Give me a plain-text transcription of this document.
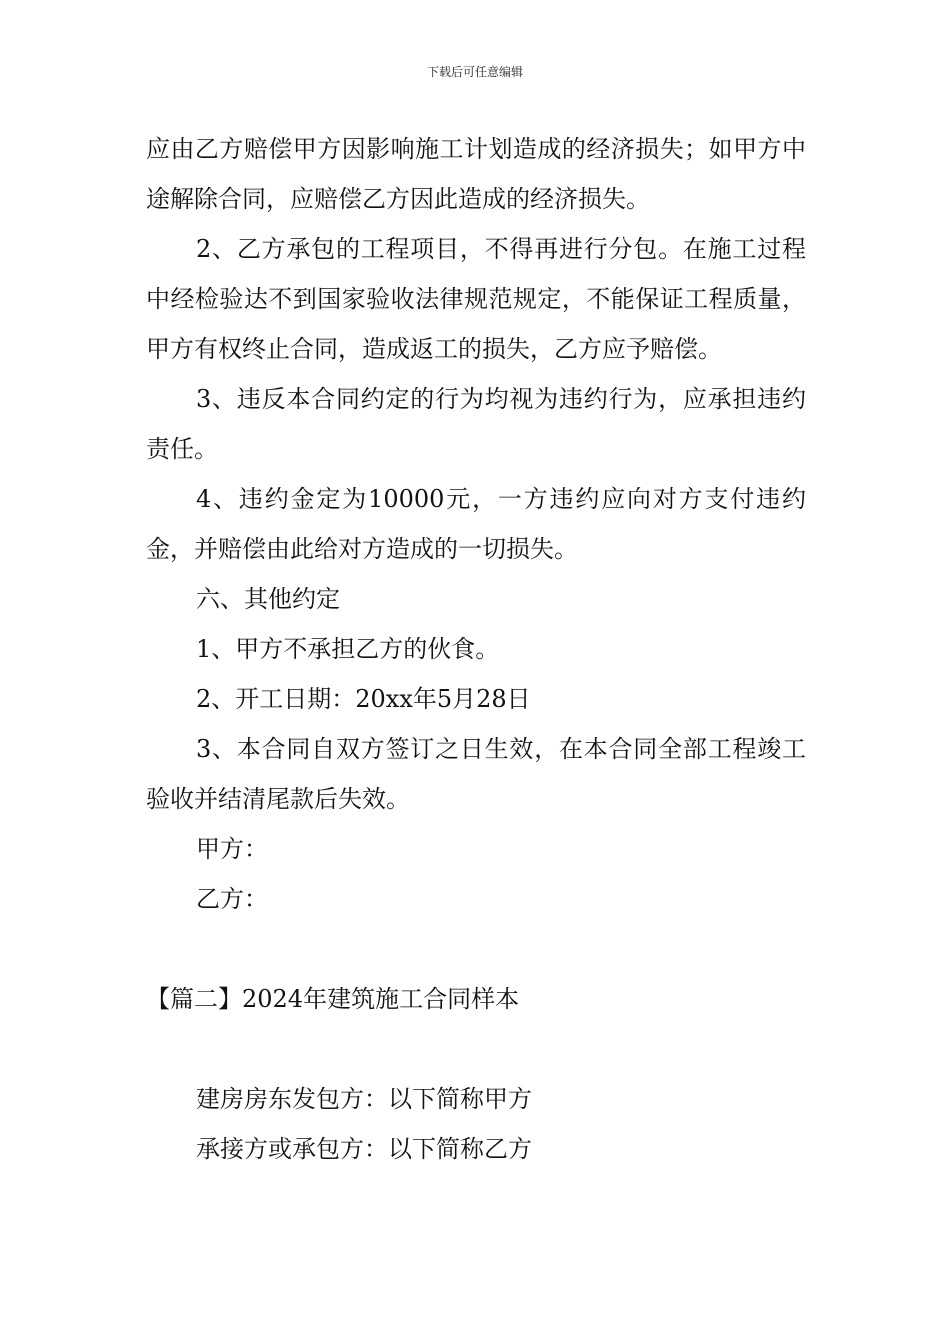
下载后可任意编辑

应由乙方赔偿甲方因影响施工计划造成的经济损失；如甲方中途解除合同，应赔偿乙方因此造成的经济损失。

2、乙方承包的工程项目，不得再进行分包。在施工过程中经检验达不到国家验收法律规范规定，不能保证工程质量，甲方有权终止合同，造成返工的损失，乙方应予赔偿。

3、违反本合同约定的行为均视为违约行为，应承担违约责任。

4、违约金定为10000元，一方违约应向对方支付违约金，并赔偿由此给对方造成的一切损失。

六、其他约定

1、甲方不承担乙方的伙食。

2、开工日期：20xx年5月28日

3、本合同自双方签订之日生效，在本合同全部工程竣工验收并结清尾款后失效。

甲方：

乙方：

【篇二】2024年建筑施工合同样本

建房房东发包方：以下简称甲方

承接方或承包方：以下简称乙方
